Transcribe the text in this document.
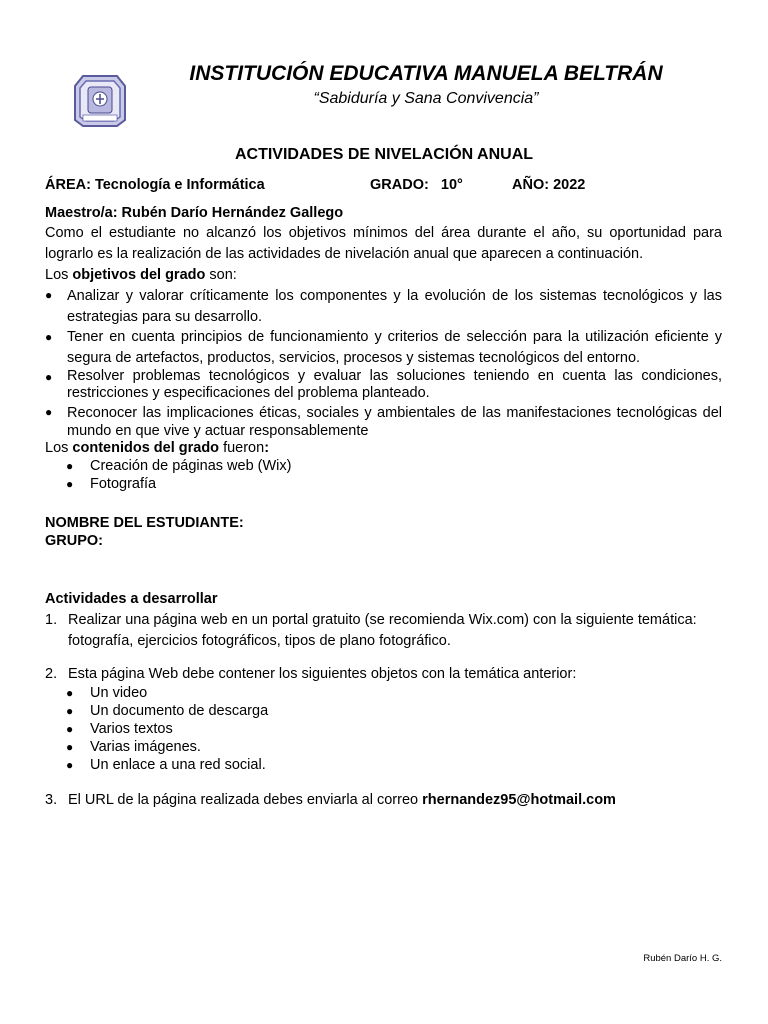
INSTITUCIÓN EDUCATIVA MANUELA BELTRÁN
“Sabiduría y Sana Convivencia”
ACTIVIDADES DE NIVELACIÓN ANUAL
ÁREA: Tecnología e Informática	GRADO:   10°	AÑO: 2022
Maestro/a: Rubén Darío Hernández Gallego
Como el estudiante no alcanzó los objetivos mínimos del área durante el año, su oportunidad para lograrlo es la realización de las actividades de nivelación anual que aparecen a continuación.
Los objetivos del grado son:
● Analizar y valorar críticamente los componentes y la evolución de los sistemas tecnológicos y las estrategias para su desarrollo.
● Tener en cuenta principios de funcionamiento y criterios de selección para la utilización eficiente y segura de artefactos, productos, servicios, procesos y sistemas tecnológicos del entorno.
● Resolver problemas tecnológicos y evaluar las soluciones teniendo en cuenta las condiciones, restricciones y especificaciones del problema planteado.
● Reconocer las implicaciones éticas, sociales y ambientales de las manifestaciones tecnológicas del mundo en que vive y actuar responsablemente
Los contenidos del grado fueron:
● Creación de páginas web (Wix)
● Fotografía
NOMBRE DEL ESTUDIANTE:
GRUPO:
Actividades a desarrollar
1. Realizar una página web en un portal gratuito (se recomienda Wix.com) con la siguiente temática: fotografía, ejercicios fotográficos, tipos de plano fotográfico.
2. Esta página Web debe contener los siguientes objetos con la temática anterior:
● Un video
● Un documento de descarga
● Varios textos
● Varias imágenes.
● Un enlace a una red social.
3. El URL de la página realizada debes enviarla al correo rhernandez95@hotmail.com
Rubén Darío H. G.
